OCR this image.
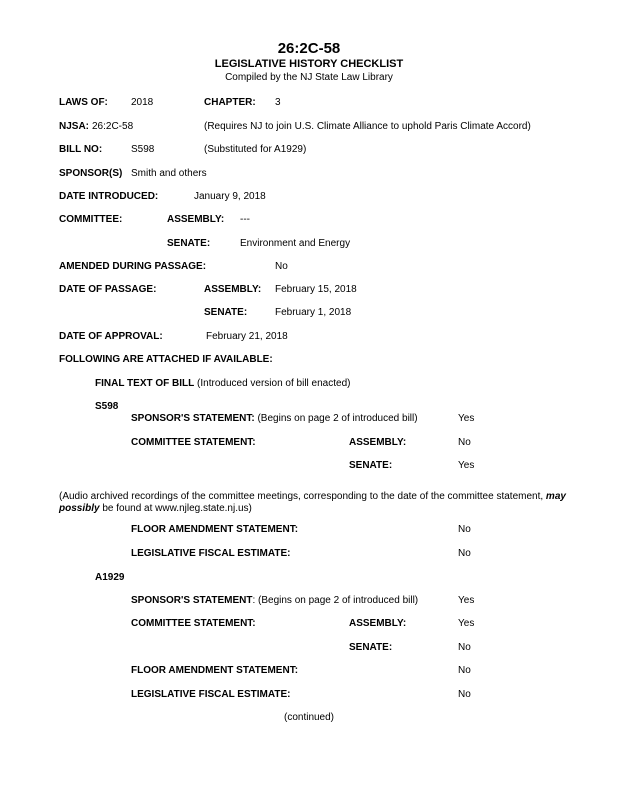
26:2C-58
LEGISLATIVE HISTORY CHECKLIST
Compiled by the NJ State Law Library
LAWS OF: 2018	CHAPTER: 3
NJSA: 26:2C-58	(Requires NJ to join U.S. Climate Alliance to uphold Paris Climate Accord)
BILL NO:	S598	(Substituted for A1929)
SPONSOR(S) Smith and others
DATE INTRODUCED:	January 9, 2018
COMMITTEE:	ASSEMBLY: ---
SENATE:	Environment and Energy
AMENDED DURING PASSAGE:	No
DATE OF PASSAGE:	ASSEMBLY: February 15, 2018
SENATE:	February 1, 2018
DATE OF APPROVAL:	February 21, 2018
FOLLOWING ARE ATTACHED IF AVAILABLE:
FINAL TEXT OF BILL (Introduced version of bill enacted)
S598
SPONSOR'S STATEMENT: (Begins on page 2 of introduced bill)	Yes
COMMITTEE STATEMENT:	ASSEMBLY:	No
SENATE:	Yes
(Audio archived recordings of the committee meetings, corresponding to the date of the committee statement, may possibly be found at www.njleg.state.nj.us)
FLOOR AMENDMENT STATEMENT:	No
LEGISLATIVE FISCAL ESTIMATE:	No
A1929
SPONSOR'S STATEMENT: (Begins on page 2 of introduced bill)	Yes
COMMITTEE STATEMENT:	ASSEMBLY:	Yes
SENATE:	No
FLOOR AMENDMENT STATEMENT:	No
LEGISLATIVE FISCAL ESTIMATE:	No
(continued)
